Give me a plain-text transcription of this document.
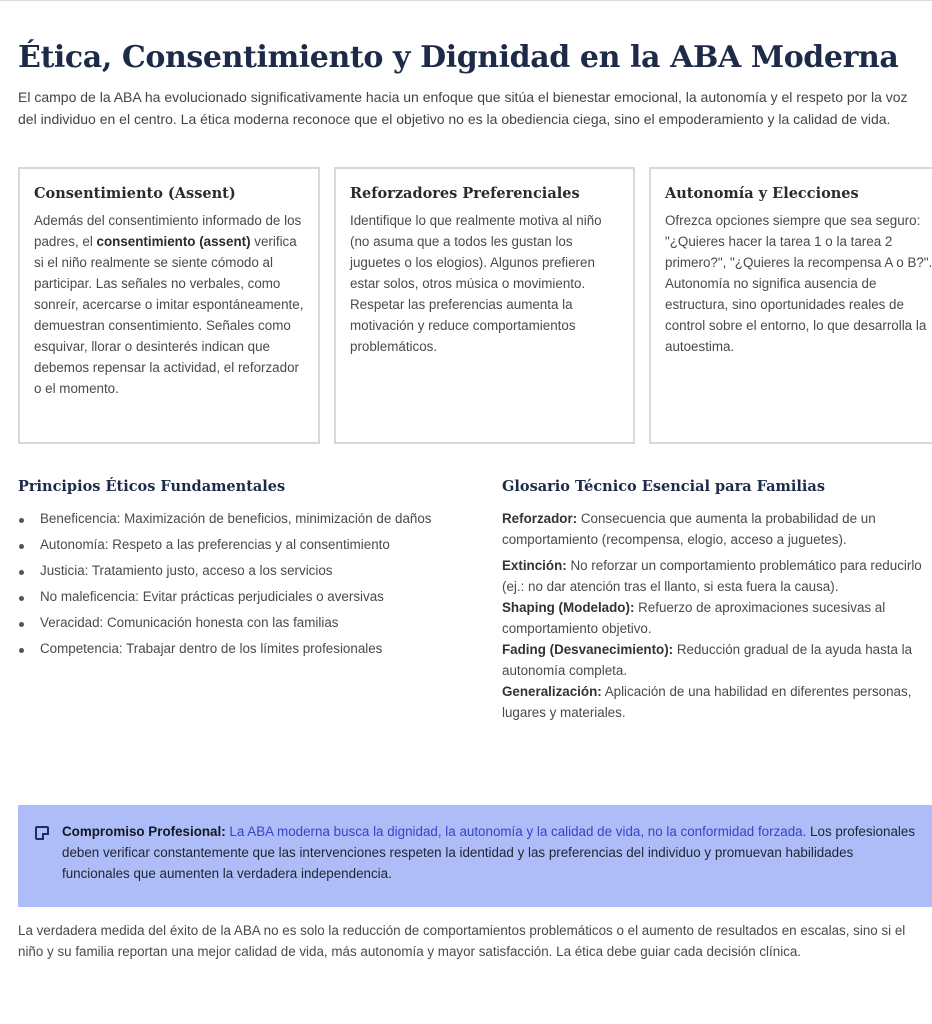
Ética, Consentimiento y Dignidad en la ABA Moderna

El campo de la ABA ha evolucionado significativamente hacia un enfoque que sitúa el bienestar emocional, la autonomía y el respeto por la voz del individuo en el centro. La ética moderna reconoce que el objetivo no es la obediencia ciega, sino el empoderamiento y la calidad de vida.

Consentimiento (Assent)

Además del consentimiento informado de los padres, el consentimiento (assent) verifica si el niño realmente se siente cómodo al participar. Las señales no verbales, como sonreír, acercarse o imitar espontáneamente, demuestran consentimiento. Señales como esquivar, llorar o desinterés indican que debemos repensar la actividad, el reforzador o el momento.

Reforzadores Preferenciales

Identifique lo que realmente motiva al niño (no asuma que a todos les gustan los juguetes o los elogios). Algunos prefieren estar solos, otros música o movimiento. Respetar las preferencias aumenta la motivación y reduce comportamientos problemáticos.

Autonomía y Elecciones

Ofrezca opciones siempre que sea seguro: "¿Quieres hacer la tarea 1 o la tarea 2 primero?", "¿Quieres la recompensa A o B?". Autonomía no significa ausencia de estructura, sino oportunidades reales de control sobre el entorno, lo que desarrolla la autoestima.

Principios Éticos Fundamentales
Beneficencia: Maximización de beneficios, minimización de daños
Autonomía: Respeto a las preferencias y al consentimiento
Justicia: Tratamiento justo, acceso a los servicios
No maleficencia: Evitar prácticas perjudiciales o aversivas
Veracidad: Comunicación honesta con las familias
Competencia: Trabajar dentro de los límites profesionales
Glosario Técnico Esencial para Familias

Reforzador: Consecuencia que aumenta la probabilidad de un comportamiento (recompensa, elogio, acceso a juguetes).

Extinción: No reforzar un comportamiento problemático para reducirlo (ej.: no dar atención tras el llanto, si esta fuera la causa).

Shaping (Modelado): Refuerzo de aproximaciones sucesivas al comportamiento objetivo.

Fading (Desvanecimiento): Reducción gradual de la ayuda hasta la autonomía completa.

Generalización: Aplicación de una habilidad en diferentes personas, lugares y materiales.

Compromiso Profesional: La ABA moderna busca la dignidad, la autonomía y la calidad de vida, no la conformidad forzada. Los profesionales deben verificar constantemente que las intervenciones respeten la identidad y las preferencias del individuo y promuevan habilidades funcionales que aumenten la verdadera independencia.

La verdadera medida del éxito de la ABA no es solo la reducción de comportamientos problemáticos o el aumento de resultados en escalas, sino si el niño y su familia reportan una mejor calidad de vida, más autonomía y mayor satisfacción. La ética debe guiar cada decisión clínica.
